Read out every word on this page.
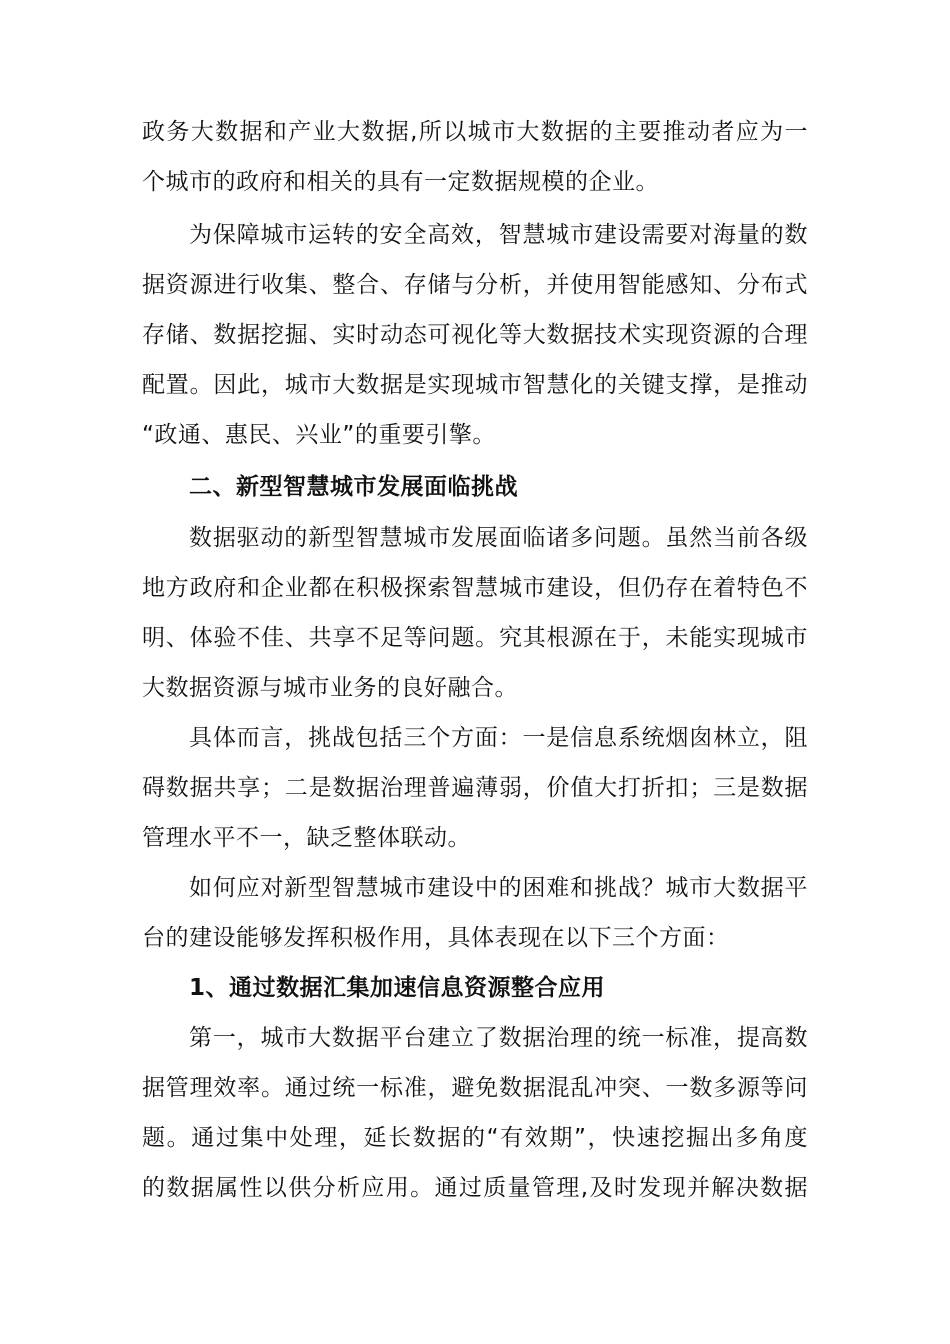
政务大数据和产业大数据,所以城市大数据的主要推动者应为一
个城市的政府和相关的具有一定数据规模的企业。
为保障城市运转的安全高效，智慧城市建设需要对海量的数
据资源进行收集、整合、存储与分析，并使用智能感知、分布式
存储、数据挖掘、实时动态可视化等大数据技术实现资源的合理
配置。因此，城市大数据是实现城市智慧化的关键支撑，是推动
“政通、惠民、兴业”的重要引擎。
二、新型智慧城市发展面临挑战
数据驱动的新型智慧城市发展面临诸多问题。虽然当前各级
地方政府和企业都在积极探索智慧城市建设，但仍存在着特色不
明、体验不佳、共享不足等问题。究其根源在于，未能实现城市
大数据资源与城市业务的良好融合。
具体而言，挑战包括三个方面：一是信息系统烟囱林立，阻
碍数据共享；二是数据治理普遍薄弱，价值大打折扣；三是数据
管理水平不一，缺乏整体联动。
如何应对新型智慧城市建设中的困难和挑战？城市大数据平
台的建设能够发挥积极作用，具体表现在以下三个方面：
1、通过数据汇集加速信息资源整合应用
第一，城市大数据平台建立了数据治理的统一标准，提高数
据管理效率。通过统一标准，避免数据混乱冲突、一数多源等问
题。通过集中处理，延长数据的“有效期”，快速挖掘出多角度
的数据属性以供分析应用。通过质量管理,及时发现并解决数据
